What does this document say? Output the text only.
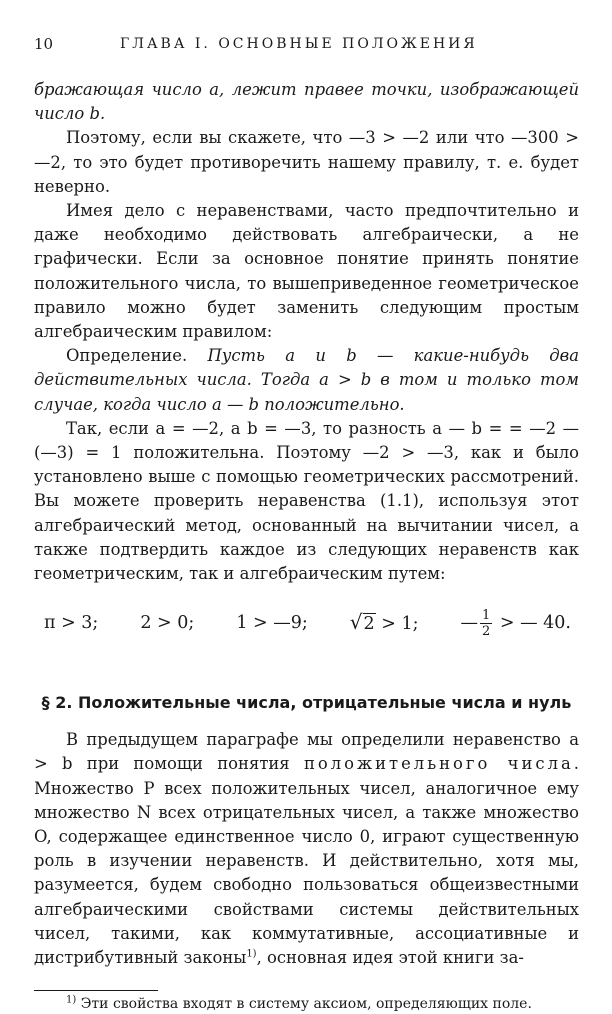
10	ГЛАВА I. ОСНОВНЫЕ ПОЛОЖЕНИЯ

бражающая число a, лежит правее точки, изображающей число b.

Поэтому, если вы скажете, что —3 > —2 или что —300 > —2, то это будет противоречить нашему правилу, т. е. будет неверно.

Имея дело с неравенствами, часто предпочтительно и даже необходимо действовать алгебраически, а не графически. Если за основное понятие принять понятие положительного числа, то вышеприведенное геометрическое правило можно будет заменить следующим простым алгебраическим правилом:

Определение. Пусть a и b — какие-нибудь два действительных числа. Тогда a > b в том и только том случае, когда число a — b положительно.

Так, если a = —2, а b = —3, то разность a — b = = —2 — (—3) = 1 положительна. Поэтому —2 > —3, как и было установлено выше с помощью геометрических рассмотрений. Вы можете проверить неравенства (1.1), используя этот алгебраический метод, основанный на вычитании чисел, а также подтвердить каждое из следующих неравенств как геометрическим, так и алгебраическим путем:

π > 3; 2 > 0; 1 > —9; √2 > 1; — $\frac{1}{2}$ > — 40.
§ 2. Положительные числа, отрицательные числа и нуль

В предыдущем параграфе мы определили неравенство a > b при помощи понятия положительного числа. Множество P всех положительных чисел, аналогичное ему множество N всех отрицательных чисел, а также множество O, содержащее единственное число 0, играют существенную роль в изучении неравенств. И действительно, хотя мы, разумеется, будем свободно пользоваться общеизвестными алгебраическими свойствами системы действительных чисел, такими, как коммутативные, ассоциативные и дистрибутивный законы$^{1)}$, основная идея этой книги за-

$^{1)}$ Эти свойства входят в систему аксиом, определяющих поле.
